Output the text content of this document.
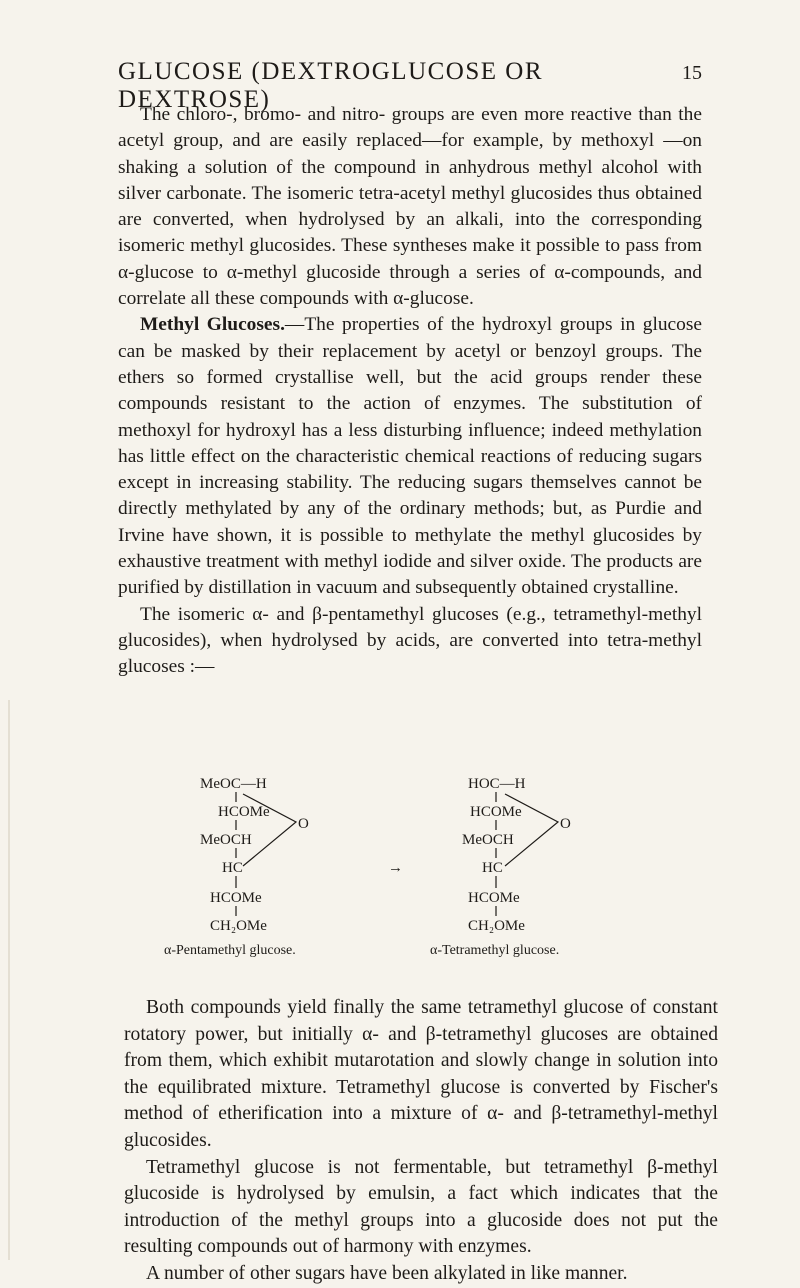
GLUCOSE (DEXTROGLUCOSE OR DEXTROSE)
15

The chloro-, bromo- and nitro- groups are even more reactive than the acetyl group, and are easily replaced—for example, by methoxyl —on shaking a solution of the compound in anhydrous methyl alcohol with silver carbonate. The isomeric tetra-acetyl methyl glucosides thus obtained are converted, when hydrolysed by an alkali, into the corresponding isomeric methyl glucosides. These syntheses make it possible to pass from α-glucose to α-methyl glucoside through a series of α-compounds, and correlate all these compounds with α-glucose.

Methyl Glucoses.—The properties of the hydroxyl groups in glucose can be masked by their replacement by acetyl or benzoyl groups. The ethers so formed crystallise well, but the acid groups render these compounds resistant to the action of enzymes. The substitution of methoxyl for hydroxyl has a less disturbing influence; indeed methylation has little effect on the characteristic chemical reactions of reducing sugars except in increasing stability. The reducing sugars themselves cannot be directly methylated by any of the ordinary methods; but, as Purdie and Irvine have shown, it is possible to methylate the methyl glucosides by exhaustive treatment with methyl iodide and silver oxide. The products are purified by distillation in vacuum and subsequently obtained crystalline.

The isomeric α- and β-pentamethyl glucoses (e.g., tetramethyl-methyl glucosides), when hydrolysed by acids, are converted into tetra-methyl glucoses :—

MeOC—H
HCOMe
MeOCH
HC
HCOMe
CH₂OMe
O
α-Pentamethyl glucose.
→
HOC—H
HCOMe
MeOCH
HC
HCOMe
CH₂OMe
O
α-Tetramethyl glucose.

Both compounds yield finally the same tetramethyl glucose of constant rotatory power, but initially α- and β-tetramethyl glucoses are obtained from them, which exhibit mutarotation and slowly change in solution into the equilibrated mixture. Tetramethyl glucose is converted by Fischer's method of etherification into a mixture of α- and β-tetramethyl-methyl glucosides.

Tetramethyl glucose is not fermentable, but tetramethyl β-methyl glucoside is hydrolysed by emulsin, a fact which indicates that the introduction of the methyl groups into a glucoside does not put the resulting compounds out of harmony with enzymes.

A number of other sugars have been alkylated in like manner.
